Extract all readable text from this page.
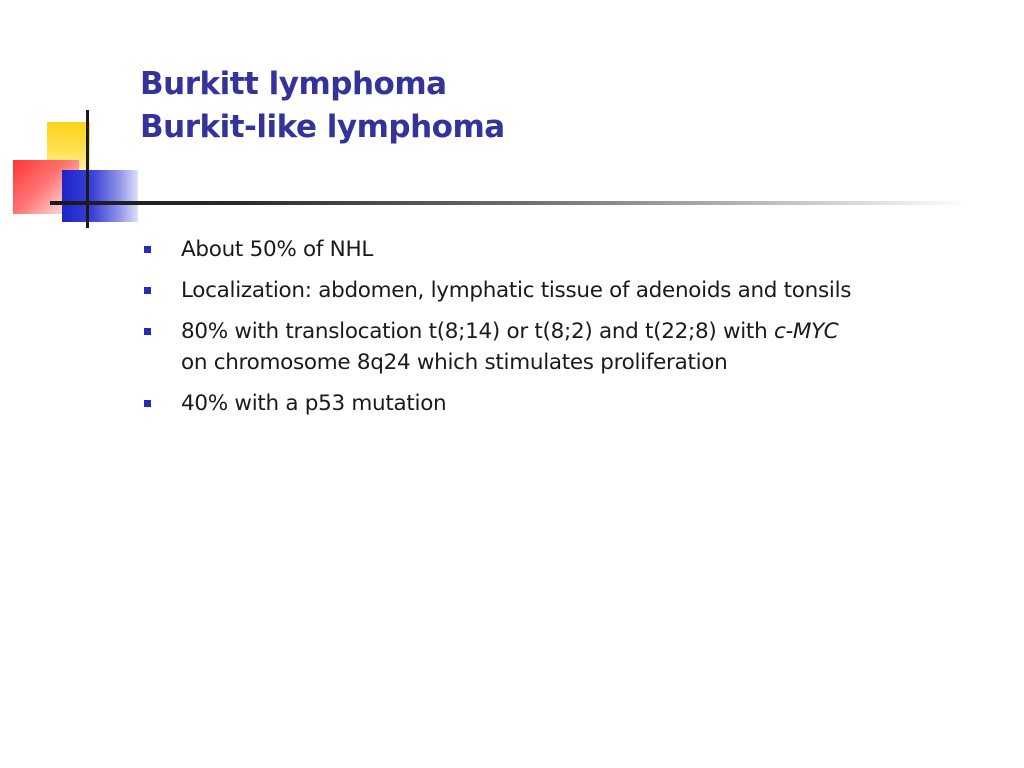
Burkitt lymphoma
Burkit-like lymphoma
About 50% of NHL
Localization: abdomen, lymphatic tissue of adenoids and tonsils
80% with translocation t(8;14) or t(8;2) and t(22;8) with c-MYC
on chromosome 8q24 which stimulates proliferation
40% with a p53 mutation
